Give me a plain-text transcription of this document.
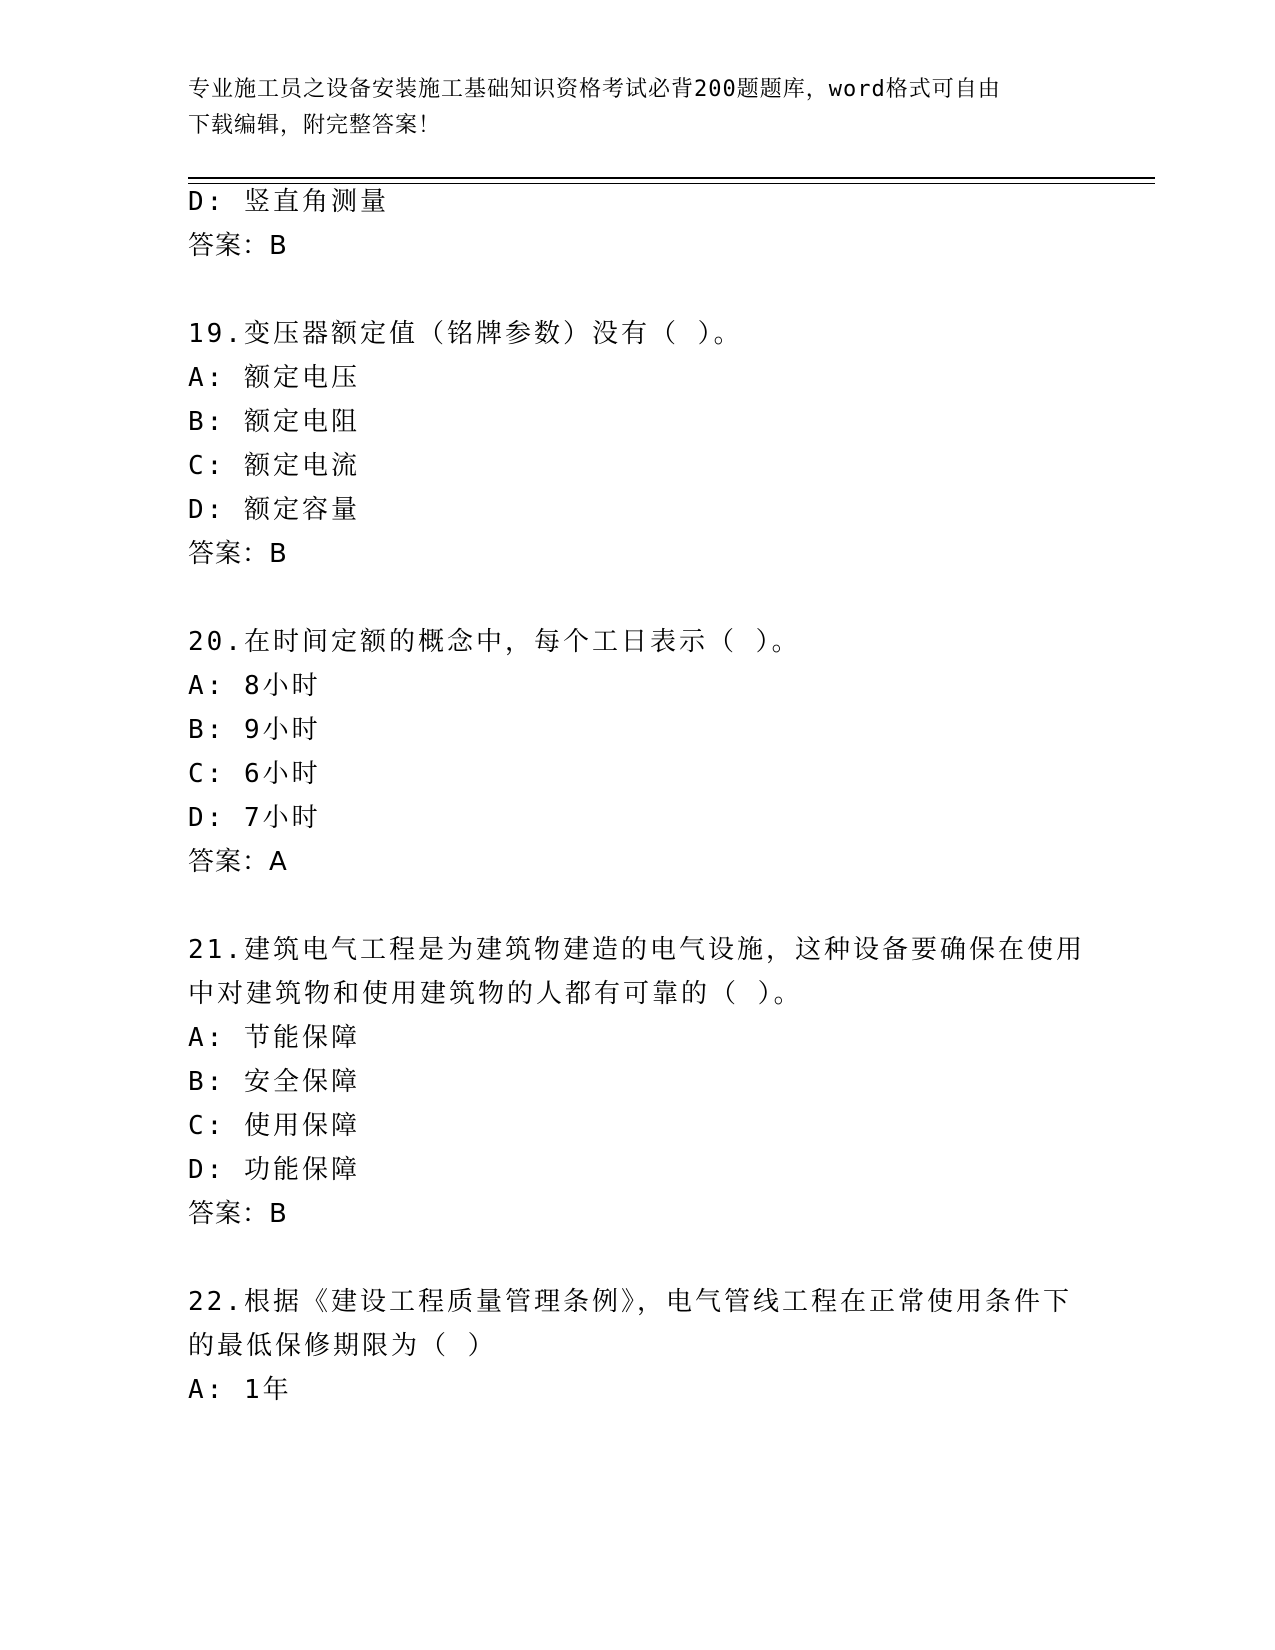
专业施工员之设备安装施工基础知识资格考试必背200题题库，word格式可自由
下载编辑，附完整答案！
D: 竖直角测量
答案：B
19.变压器额定值（铭牌参数）没有（ ）。
A: 额定电压
B: 额定电阻
C: 额定电流
D: 额定容量
答案：B
20.在时间定额的概念中，每个工日表示（ ）。
A: 8小时
B: 9小时
C: 6小时
D: 7小时
答案：A
21.建筑电气工程是为建筑物建造的电气设施，这种设备要确保在使用
中对建筑物和使用建筑物的人都有可靠的（ ）。
A: 节能保障
B: 安全保障
C: 使用保障
D: 功能保障
答案：B
22.根据《建设工程质量管理条例》，电气管线工程在正常使用条件下
的最低保修期限为（ ）
A: 1年
